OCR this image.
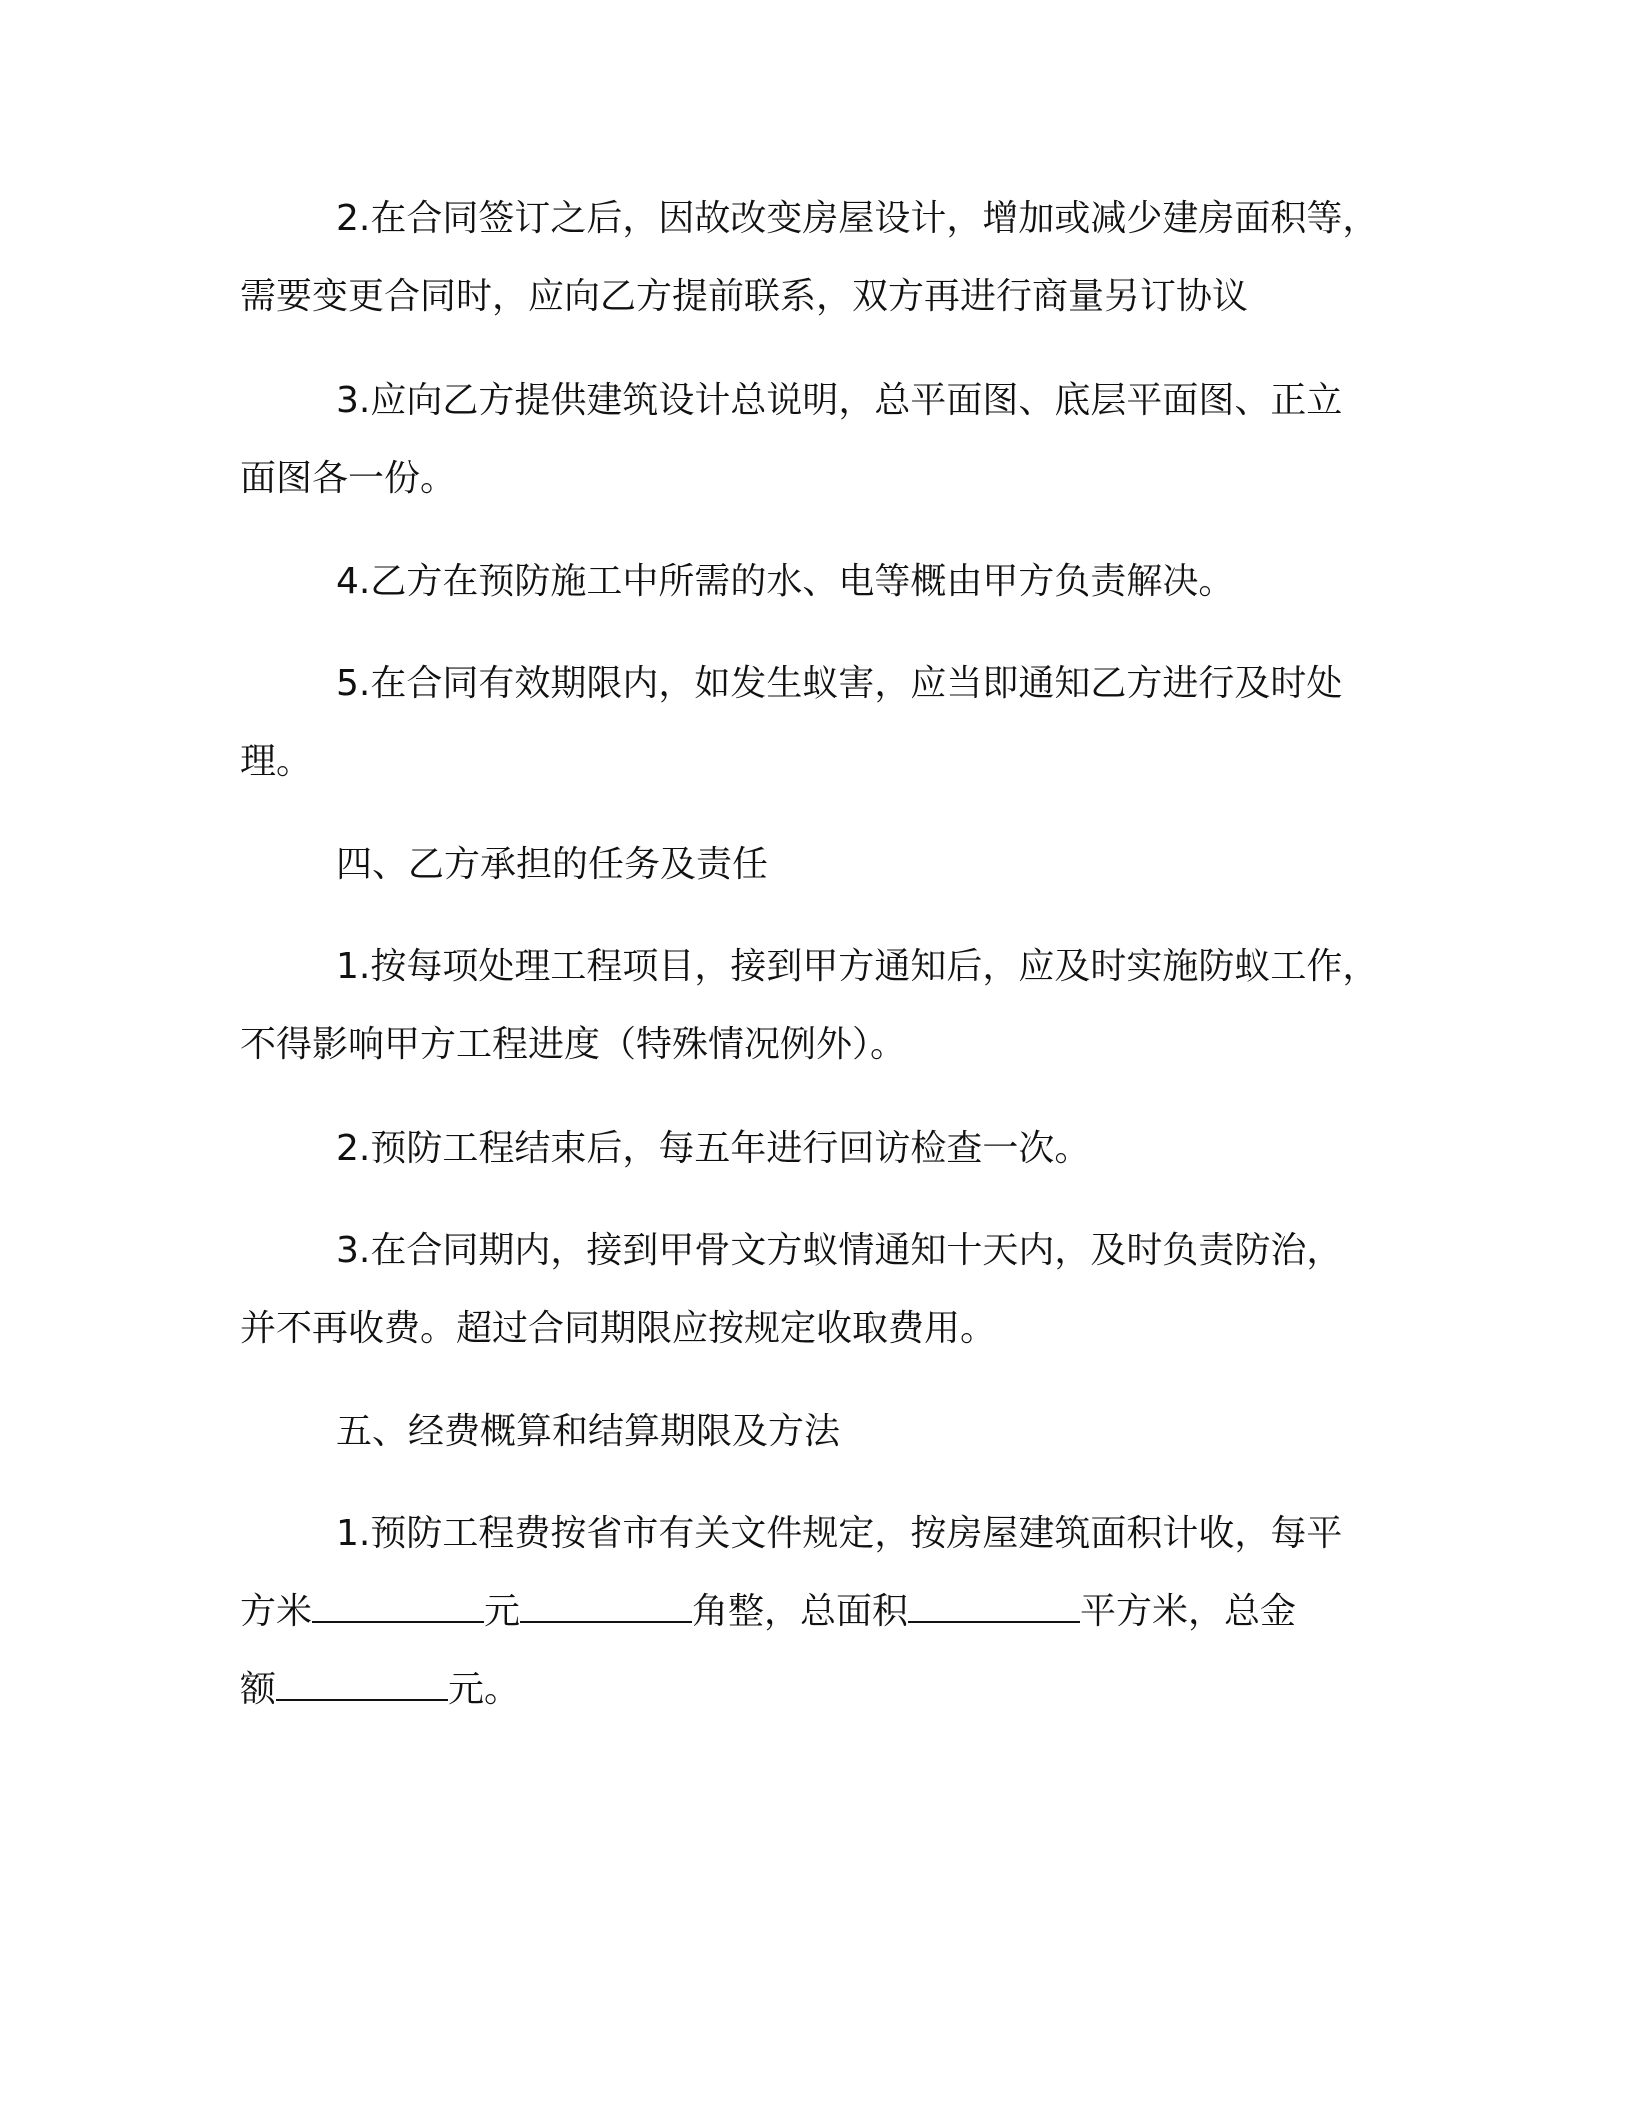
2.在合同签订之后，因故改变房屋设计，增加或减少建房面积等，
需要变更合同时，应向乙方提前联系，双方再进行商量另订协议
3.应向乙方提供建筑设计总说明，总平面图、底层平面图、正立
面图各一份。
4.乙方在预防施工中所需的水、电等概由甲方负责解决。
5.在合同有效期限内，如发生蚁害，应当即通知乙方进行及时处
理。
四、乙方承担的任务及责任
1.按每项处理工程项目，接到甲方通知后，应及时实施防蚁工作，
不得影响甲方工程进度（特殊情况例外）。
2.预防工程结束后，每五年进行回访检查一次。
3.在合同期内，接到甲骨文方蚁情通知十天内，及时负责防治，
并不再收费。超过合同期限应按规定收取费用。
五、经费概算和结算期限及方法
1.预防工程费按省市有关文件规定，按房屋建筑面积计收，每平
方米	元	角整，总面积	平方米，总金
额	元。
